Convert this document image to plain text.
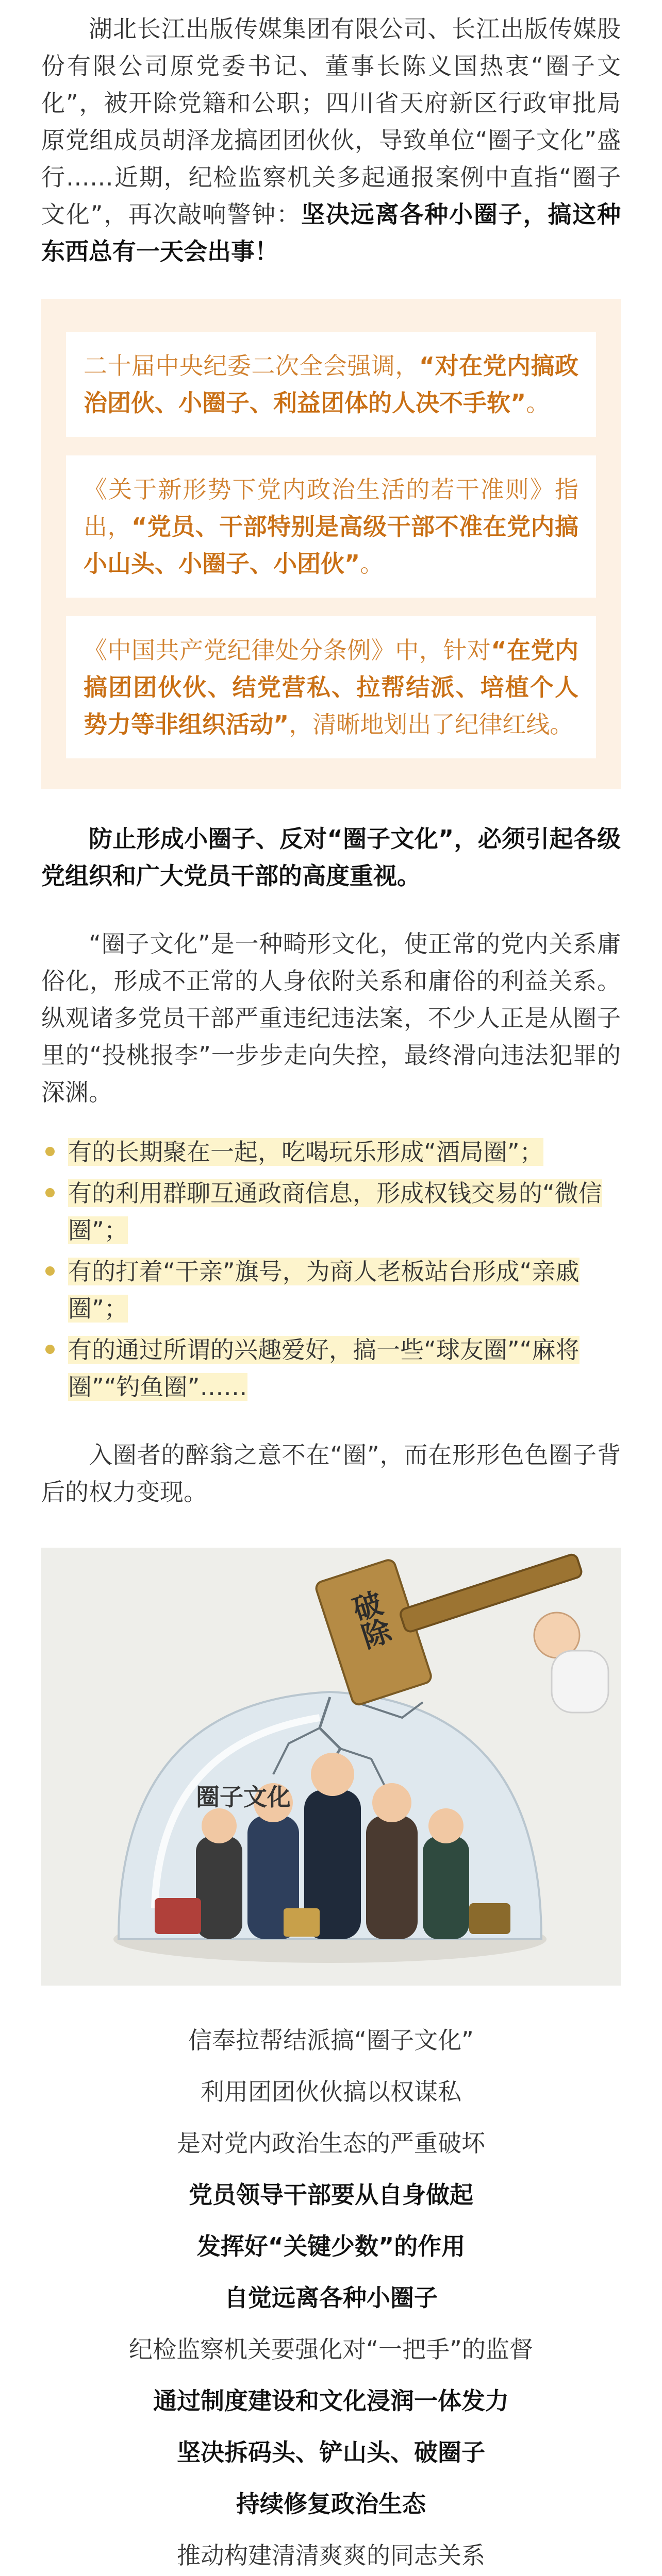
湖北长江出版传媒集团有限公司、长江出版传媒股份有限公司原党委书记、董事长陈义国热衷“圈子文化”，被开除党籍和公职；四川省天府新区行政审批局原党组成员胡泽龙搞团团伙伙，导致单位“圈子文化”盛行……近期，纪检监察机关多起通报案例中直指“圈子文化”，再次敲响警钟：坚决远离各种小圈子，搞这种东西总有一天会出事！

二十届中央纪委二次全会强调，“对在党内搞政治团伙、小圈子、利益团体的人决不手软”。
《关于新形势下党内政治生活的若干准则》指出，“党员、干部特别是高级干部不准在党内搞小山头、小圈子、小团伙”。
《中国共产党纪律处分条例》中，针对“在党内搞团团伙伙、结党营私、拉帮结派、培植个人势力等非组织活动”，清晰地划出了纪律红线。

防止形成小圈子、反对“圈子文化”，必须引起各级党组织和广大党员干部的高度重视。

“圈子文化”是一种畸形文化，使正常的党内关系庸俗化，形成不正常的人身依附关系和庸俗的利益关系。纵观诸多党员干部严重违纪违法案，不少人正是从圈子里的“投桃报李”一步步走向失控，最终滑向违法犯罪的深渊。

有的长期聚在一起，吃喝玩乐形成“酒局圈”；
有的利用群聊互通政商信息，形成权钱交易的“微信圈”；
有的打着“干亲”旗号，为商人老板站台形成“亲戚圈”；
有的通过所谓的兴趣爱好，搞一些“球友圈”“麻将圈”“钓鱼圈”……

入圈者的醉翁之意不在“圈”，而在形形色色圈子背后的权力变现。

圈子文化
破除

信奉拉帮结派搞“圈子文化”

利用团团伙伙搞以权谋私

是对党内政治生态的严重破坏

党员领导干部要从自身做起

发挥好“关键少数”的作用

自觉远离各种小圈子

纪检监察机关要强化对“一把手”的监督

通过制度建设和文化浸润一体发力

坚决拆码头、铲山头、破圈子

持续修复政治生态

推动构建清清爽爽的同志关系
